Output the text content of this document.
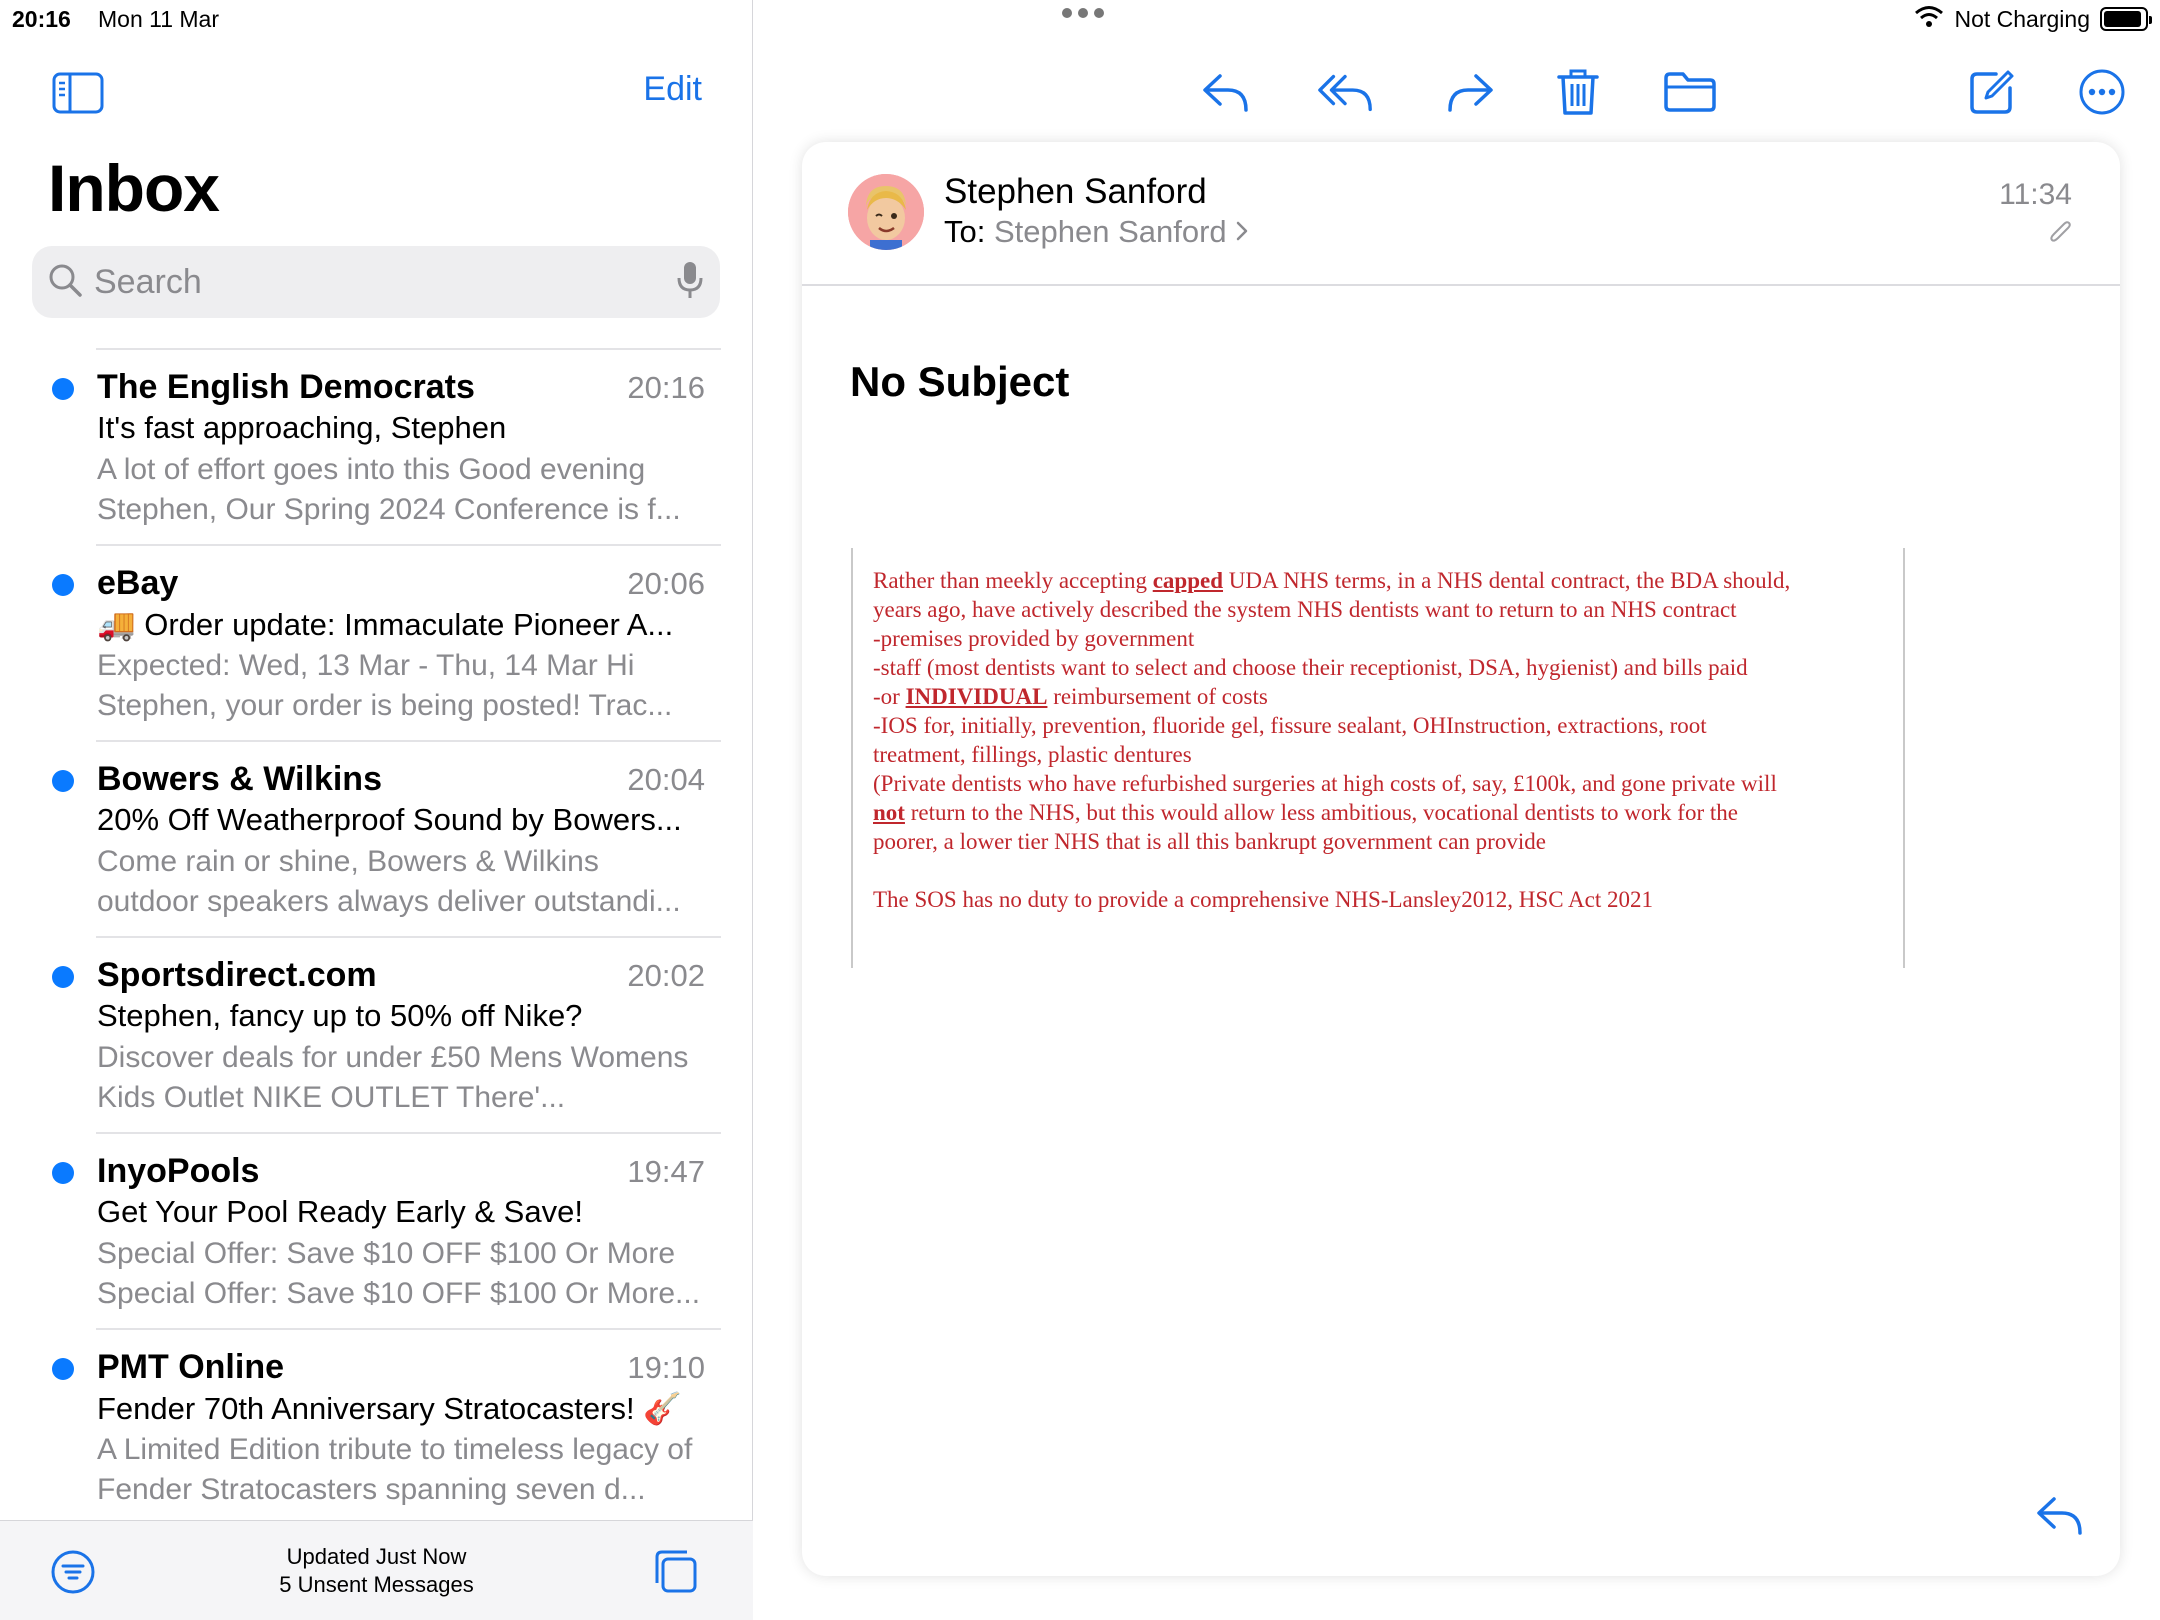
20:16 Mon 11 Mar
Edit
Inbox
Search
The English Democrats	20:16
It's fast approaching, Stephen
A lot of effort goes into this Good evening Stephen, Our Spring 2024 Conference is f...
eBay	20:06
🚚 Order update: Immaculate Pioneer A...
Expected: Wed, 13 Mar - Thu, 14 Mar Hi Stephen, your order is being posted! Trac...
Bowers & Wilkins	20:04
20% Off Weatherproof Sound by Bowers...
Come rain or shine, Bowers & Wilkins outdoor speakers always deliver outstandi...
Sportsdirect.com	20:02
Stephen, fancy up to 50% off Nike?
Discover deals for under £50 Mens Womens Kids Outlet NIKE OUTLET There'...
InyoPools	19:47
Get Your Pool Ready Early & Save!
Special Offer: Save $10 OFF $100 Or More Special Offer: Save $10 OFF $100 Or More...
PMT Online	19:10
Fender 70th Anniversary Stratocasters! 🎸
A Limited Edition tribute to timeless legacy of Fender Stratocasters spanning seven d...
Updated Just Now
5 Unsent Messages
Not Charging
Stephen Sanford
To: Stephen Sanford
11:34
No Subject

Rather than meekly accepting capped UDA NHS terms, in a NHS dental contract, the BDA should,

years ago, have actively described the system NHS dentists want to return to an NHS contract

-premises provided by government

-staff (most dentists want to select and choose their receptionist, DSA, hygienist) and bills paid

-or INDIVIDUAL reimbursement of costs

-IOS for, initially, prevention, fluoride gel, fissure sealant, OHInstruction, extractions, root

treatment, fillings, plastic dentures

(Private dentists who have refurbished surgeries at high costs of, say, £100k, and gone private will

not return to the NHS, but this would allow less ambitious, vocational dentists to work for the

poorer, a lower tier NHS that is all this bankrupt government can provide

The SOS has no duty to provide a comprehensive NHS-Lansley2012, HSC Act 2021
